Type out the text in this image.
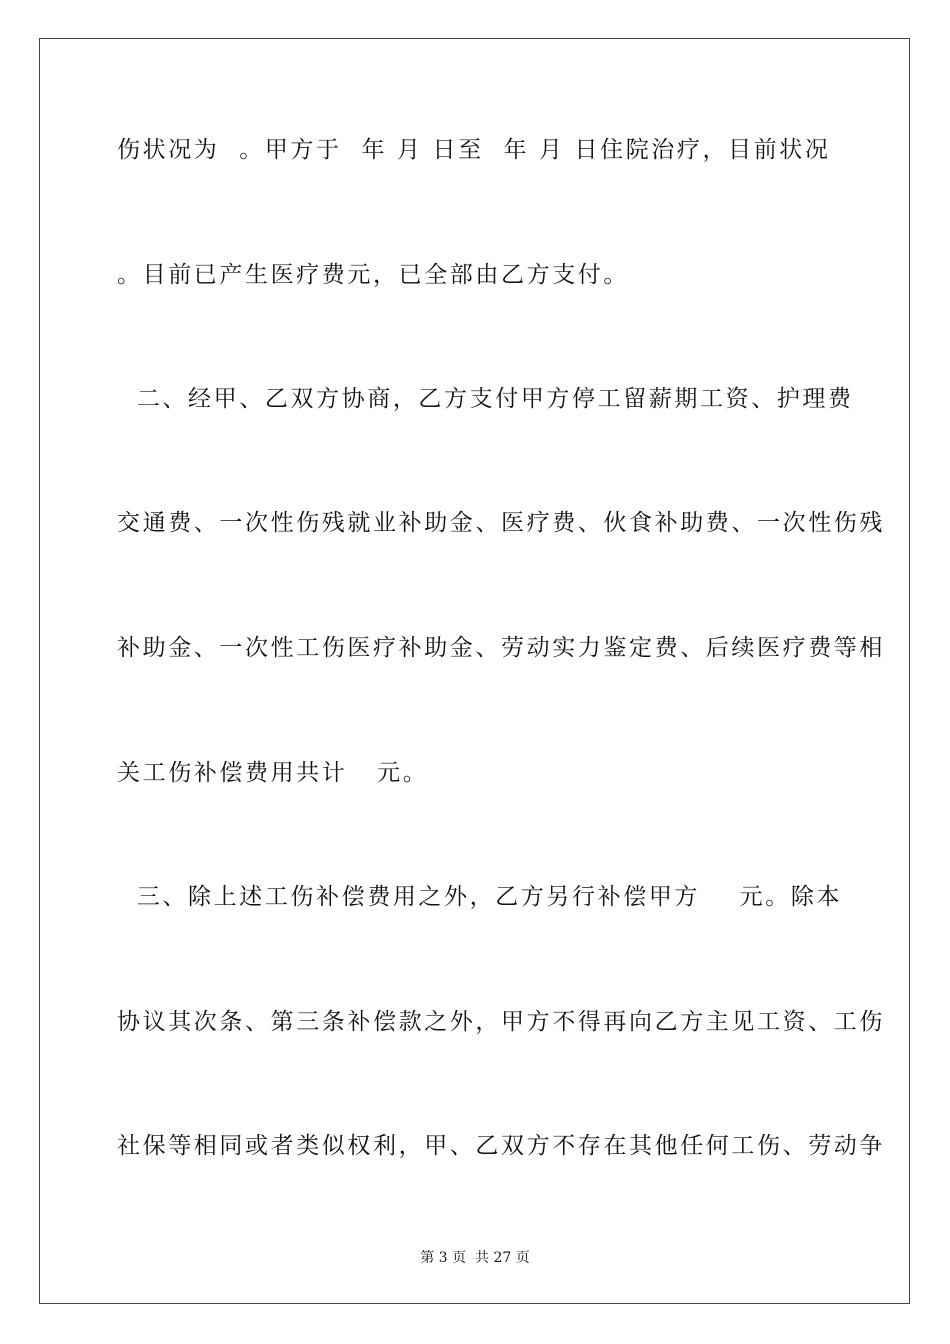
伤状况为  。甲方于  年 月 日至  年 月 日住院治疗，目前状况
。目前已产生医疗费元，已全部由乙方支付。
二、经甲、乙双方协商，乙方支付甲方停工留薪期工资、护理费
交通费、一次性伤残就业补助金、医疗费、伙食补助费、一次性伤残
补助金、一次性工伤医疗补助金、劳动实力鉴定费、后续医疗费等相
关工伤补偿费用共计   元。
三、除上述工伤补偿费用之外，乙方另行补偿甲方    元。除本
协议其次条、第三条补偿款之外，甲方不得再向乙方主见工资、工伤
社保等相同或者类似权利，甲、乙双方不存在其他任何工伤、劳动争
第 3 页  共 27 页
